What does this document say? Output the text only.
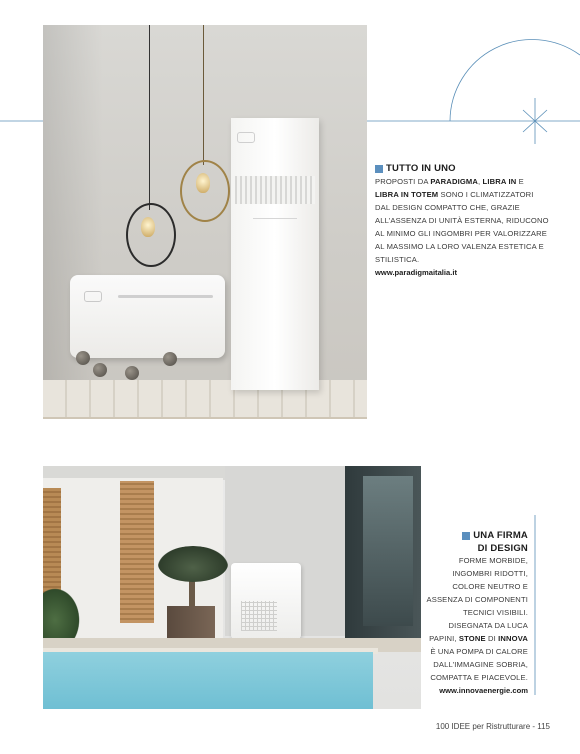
TUTTO IN UNO
PROPOSTI DA PARADIGMA, LIBRA IN E
LIBRA IN TOTEM SONO I CLIMATIZZATORI
DAL DESIGN COMPATTO CHE, GRAZIE
ALL’ASSENZA DI UNITÀ ESTERNA, RIDUCONO
AL MINIMO GLI INGOMBRI PER VALORIZZARE
AL MASSIMO LA LORO VALENZA ESTETICA E
STILISTICA.
www.paradigmaitalia.it
UNA FIRMA
DI DESIGN
FORME MORBIDE,
INGOMBRI RIDOTTI,
COLORE NEUTRO E
ASSENZA DI COMPONENTI
TECNICI VISIBILI.
DISEGNATA DA LUCA
PAPINI, STONE DI INNOVA
È UNA POMPA DI CALORE
DALL’IMMAGINE SOBRIA,
COMPATTA E PIACEVOLE.
www.innovaenergie.com
100 IDEE per Ristrutturare - 115
